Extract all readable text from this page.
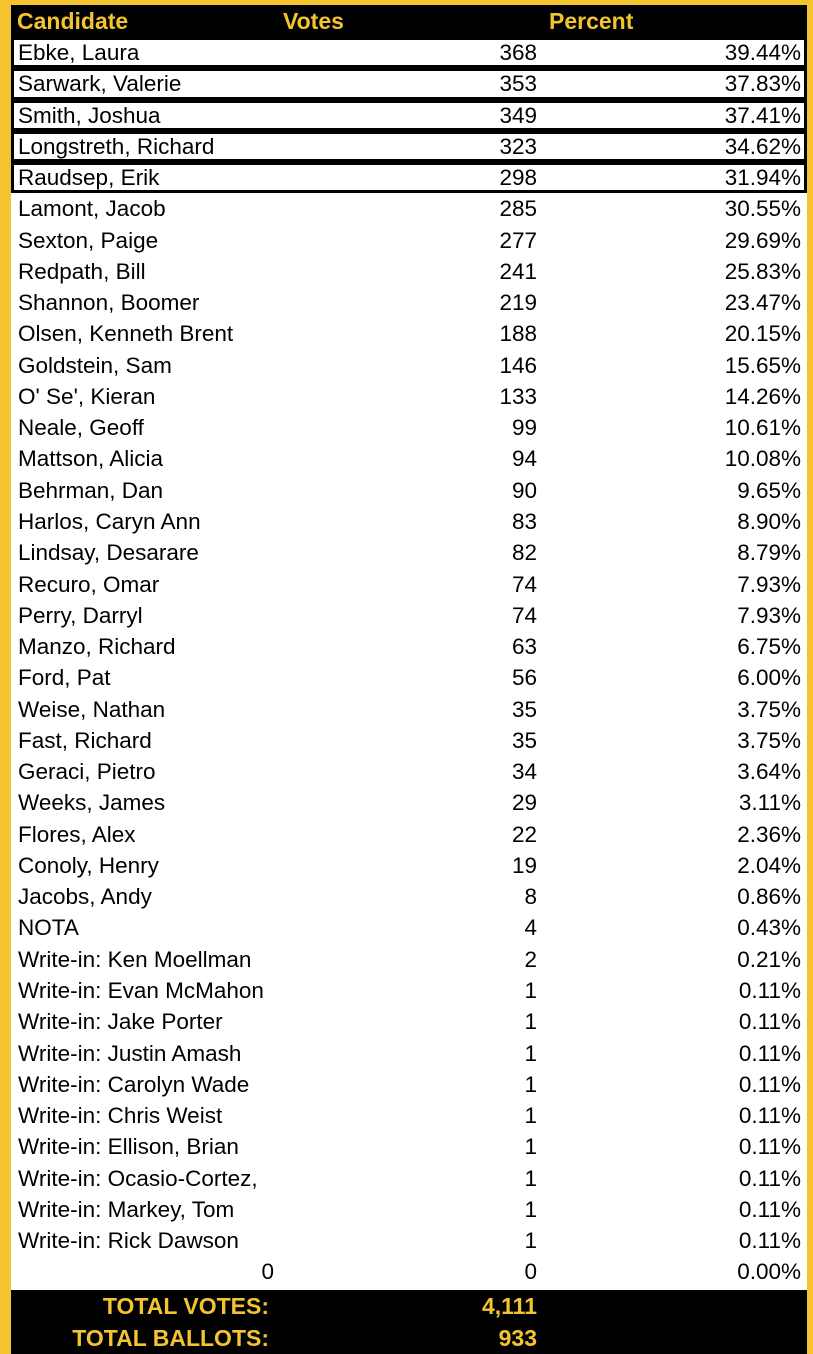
Candidate	Votes	Percent
Ebke, Laura	368	39.44%
Sarwark, Valerie	353	37.83%
Smith, Joshua	349	37.41%
Longstreth, Richard	323	34.62%
Raudsep, Erik	298	31.94%
Lamont, Jacob	285	30.55%
Sexton, Paige	277	29.69%
Redpath, Bill	241	25.83%
Shannon, Boomer	219	23.47%
Olsen, Kenneth Brent	188	20.15%
Goldstein, Sam	146	15.65%
O' Se', Kieran	133	14.26%
Neale, Geoff	99	10.61%
Mattson, Alicia	94	10.08%
Behrman, Dan	90	9.65%
Harlos, Caryn Ann	83	8.90%
Lindsay, Desarare	82	8.79%
Recuro, Omar	74	7.93%
Perry, Darryl	74	7.93%
Manzo, Richard	63	6.75%
Ford, Pat	56	6.00%
Weise, Nathan	35	3.75%
Fast, Richard	35	3.75%
Geraci, Pietro	34	3.64%
Weeks, James	29	3.11%
Flores, Alex	22	2.36%
Conoly, Henry	19	2.04%
Jacobs, Andy	8	0.86%
NOTA	4	0.43%
Write-in: Ken Moellman	2	0.21%
Write-in: Evan McMahon	1	0.11%
Write-in: Jake Porter	1	0.11%
Write-in: Justin Amash	1	0.11%
Write-in: Carolyn Wade	1	0.11%
Write-in: Chris Weist	1	0.11%
Write-in: Ellison, Brian	1	0.11%
Write-in: Ocasio-Cortez,	1	0.11%
Write-in: Markey, Tom	1	0.11%
Write-in: Rick Dawson	1	0.11%
0	0	0.00%
TOTAL VOTES:	4,111
TOTAL BALLOTS:	933
